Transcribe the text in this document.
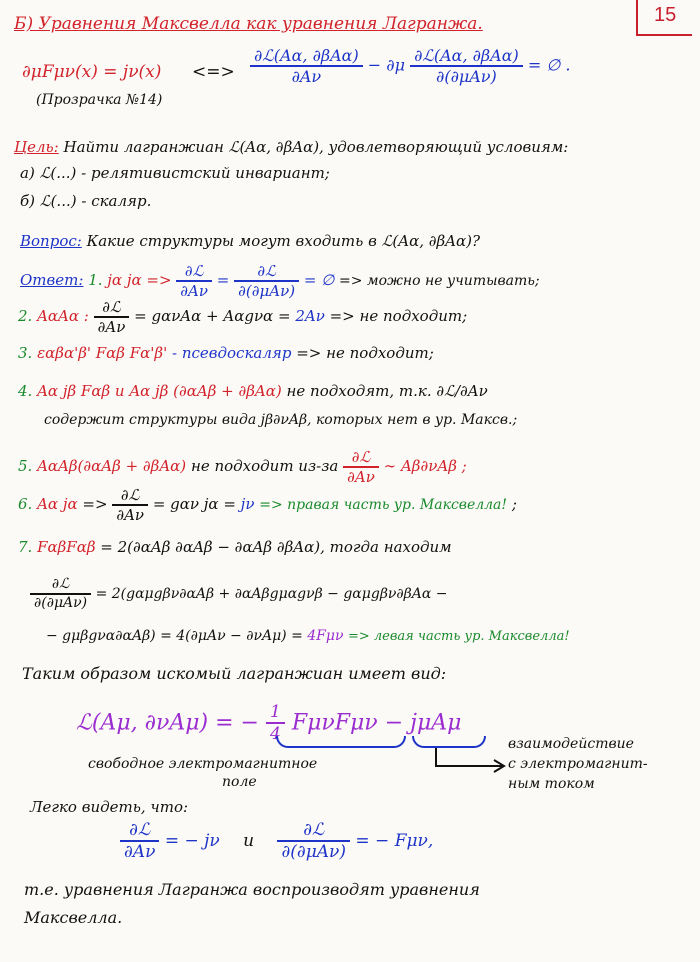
15
Б) Уравнения Максвелла как уравнения Лагранжа.
∂μFμν(x) = jν(x) <=> $\frac{\text{∂ℒ(Aα, ∂βAα)}}{\partial A\nu} - \partial\mu \frac{\text{∂ℒ(Aα, ∂βAα)}}{\text{∂(∂μAν)}}$ = ∅ .
(Прозрачка №14)
Цель: Найти лагранжиан ℒ(Aα, ∂βAα), удовлетворяющий условиям:
а) ℒ(...) - релятивистский инвариант;
б) ℒ(...) - скаляр.
Вопрос: Какие структуры могут входить в ℒ(Aα, ∂βAα)?
Ответ: 1. jα $j\alpha => \frac{\text{∂ℒ}}{\partial A\nu} = \frac{\text{∂ℒ}}{\text{∂(∂μAν)}}$ = ∅ => можно не учитывать;
2. AαAα : $\frac{\text{∂ℒ}}{\partial A\nu} = g\alpha\nu A\alpha + A\alpha g\nu\alpha = 2A\nu$ => не подходит;
3. εαβα'β' Fαβ Fα'β' - псевдоскаляр => не подходит;
4. Aα jβ Fαβ и Aα jβ (∂αAβ + ∂βAα) не подходят, т.к. ∂ℒ/∂Aν
содержит структуры вида jβ∂νAβ, которых нет в ур. Максв.;
5. AαAβ(∂αAβ + ∂βAα) не подходит $из-за \frac{\text{∂ℒ}}{\partial A\nu}$ ∼ Aβ∂νAβ ;
6. Aα $j\alpha => \frac{\text{∂ℒ}}{\partial A\nu} = g\alpha\nu$ jα = jν => правая часть ур. Максвелла! ;
7. FαβFαβ = 2(∂αAβ ∂αAβ − ∂αAβ ∂βAα), тогда находим
$\frac{\text{∂ℒ}}{\text{∂(∂μAν)}} = 2(g\alpha\mu g\beta\nu\partial\alpha A\beta + \partial\alpha A\beta g\mu\alpha g\nu\beta - g\alpha\mu g\beta\nu\partial\beta A\alpha$ −
− gμβgνα∂αAβ) = 4(∂μAν − ∂νAμ) = 4Fμν => левая часть ур. Максвелла!
Таким образом искомый лагранжиан имеет вид:
ℒ(Aμ, ∂νAμ) = − $\frac{1}{4}$ FμνFμν − jμAμ
свободное электромагнитное
поле
взаимодействие
с электромагнит-
ным током
Легко видеть, что:
$\frac{\text{∂ℒ}}{\partial A\nu}$ = − jν и $\frac{\text{∂ℒ}}{\text{∂(∂μAν)}}$ = − Fμν,
т.е. уравнения Лагранжа воспроизводят уравнения
Максвелла.
